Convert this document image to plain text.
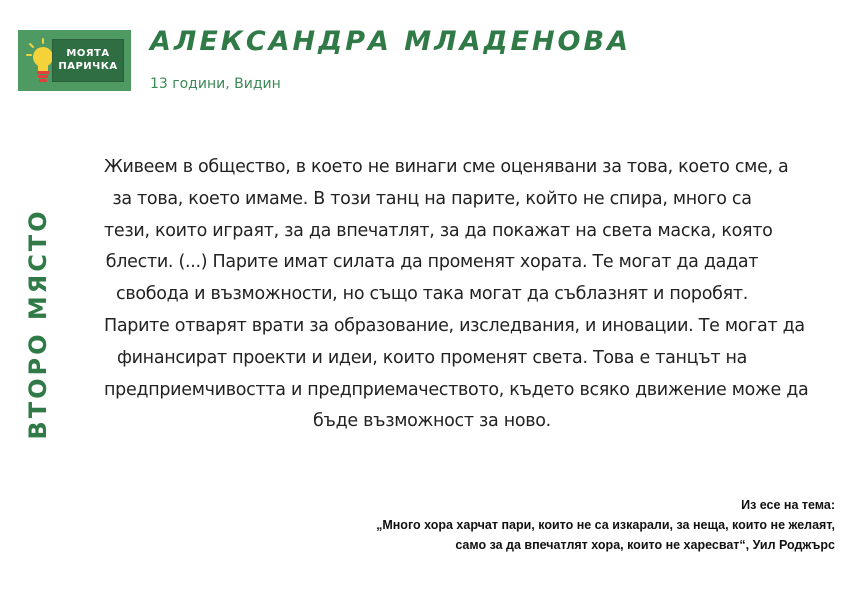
МОЯТА
ПАРИЧКА
АЛЕКСАНДРА МЛАДЕНОВА
13 години, Видин
ВТОРО МЯСТО
Живеем в общество, в което не винаги сме оценявани за това, което сме, а
за това, което имаме. В този танц на парите, който не спира, много са
тези, които играят, за да впечатлят, за да покажат на света маска, която
блести. (...) Парите имат силата да променят хората. Те могат да дадат
свобода и възможности, но също така могат да съблазнят и поробят.
Парите отварят врати за образование, изследвания, и иновации. Те могат да
финансират проекти и идеи, които променят света. Това е танцът на
предприемчивостта и предприемачеството, където всяко движение може да
бъде възможност за ново.
Из есе на тема:
„Много хора харчат пари, които не са изкарали, за неща, които не желаят,
само за да впечатлят хора, които не харесват“, Уил Роджърс
